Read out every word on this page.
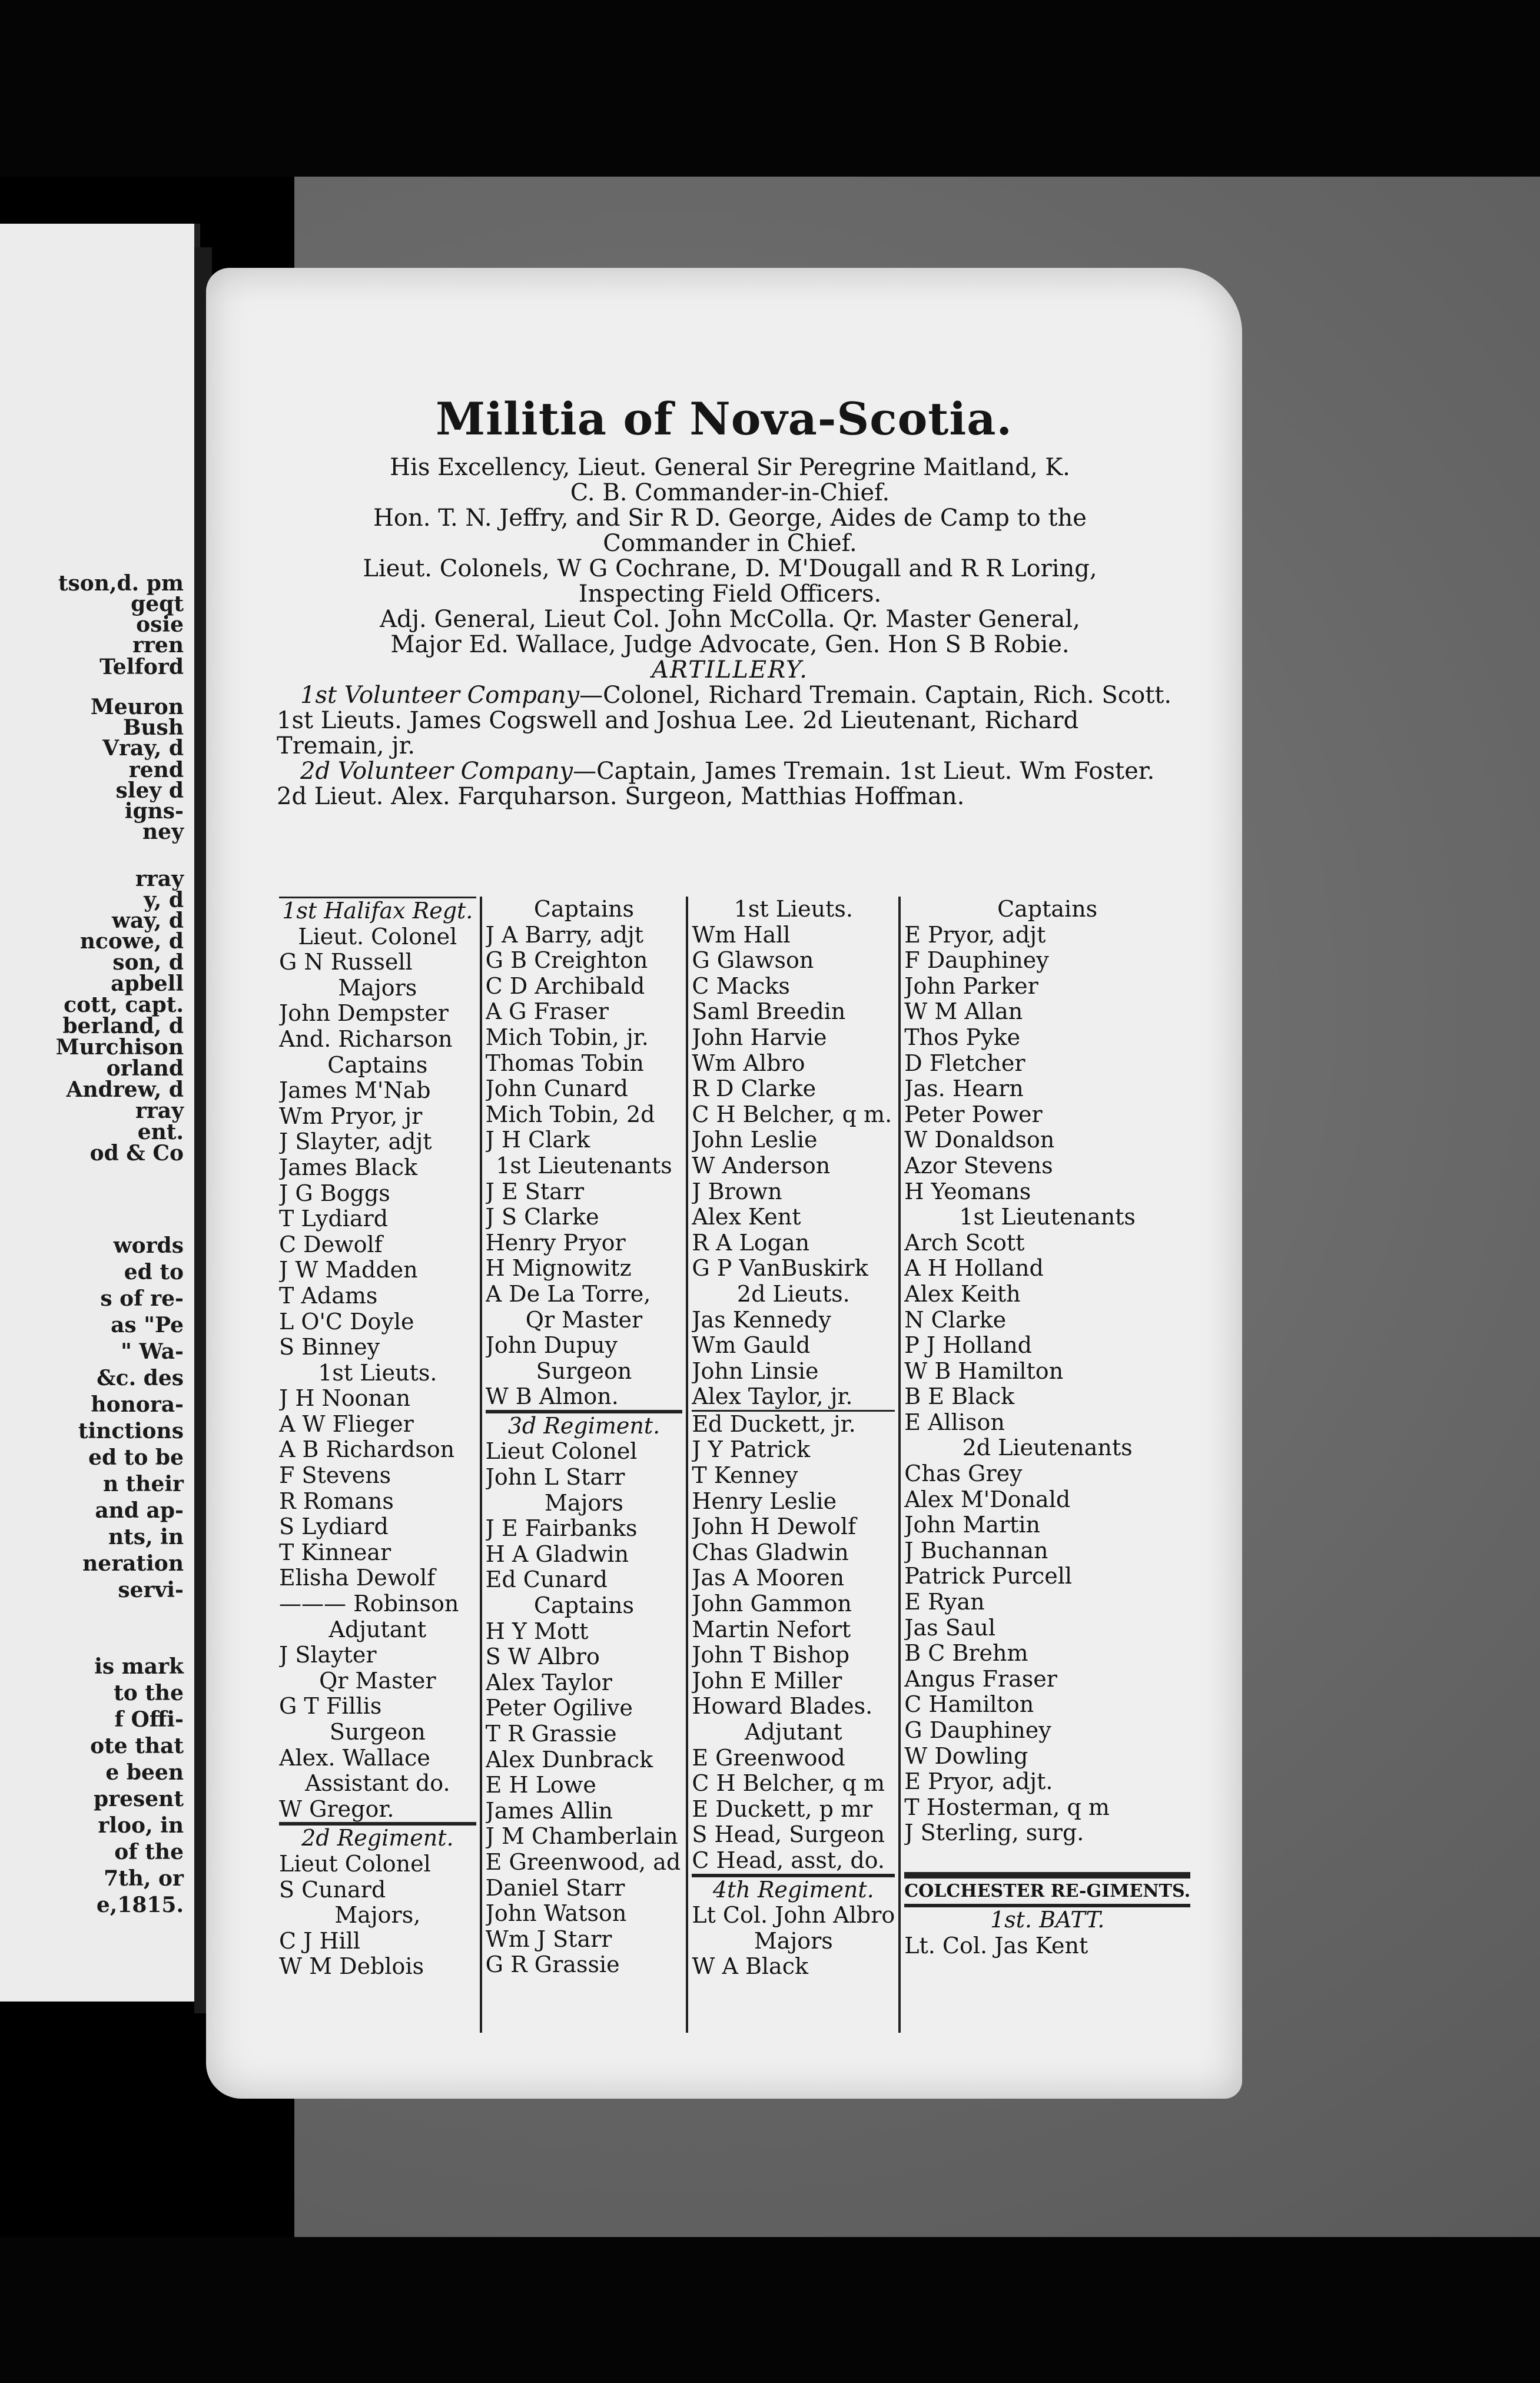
tson,d. pm
geqt
osie
rren
Telford
Meuron
Bush
Vray, d
rend
sley d
igns-
ney
rray
y, d
way, d
ncowe, d
son, d
apbell
cott, capt.
berland, d
Murchison
orland
Andrew, d
rray
ent.
od & Co
words
ed to
s of re-
as "Pe
" Wa-
&c. des
honora-
tinctions
ed to be
n their
and ap-
nts, in
neration
servi-
is mark
to the
f Offi-
ote that
e been
present
rloo, in
of the
7th, or
e,1815.
Militia of Nova-Scotia.

His Excellency, Lieut. General Sir Peregrine Maitland, K.

C. B. Commander-in-Chief.

Hon. T. N. Jeffry, and Sir R D. George, Aides de Camp to the

Commander in Chief.

Lieut. Colonels, W G Cochrane, D. M'Dougall and R R Loring,

Inspecting Field Officers.

Adj. General, Lieut Col. John McColla. Qr. Master General,

Major Ed. Wallace, Judge Advocate, Gen. Hon S B Robie.

ARTILLERY.

1st Volunteer Company—Colonel, Richard Tremain. Captain, Rich. Scott. 1st Lieuts. James Cogswell and Joshua Lee. 2d Lieutenant, Richard Tremain, jr.

2d Volunteer Company—Captain, James Tremain. 1st Lieut. Wm Foster. 2d Lieut. Alex. Farquharson. Surgeon, Matthias Hoffman.

1st Halifax Regt.
Lieut. Colonel
G N Russell
Majors
John Dempster
And. Richarson
Captains
James M'Nab
Wm Pryor, jr
J Slayter, adjt
James Black
J G Boggs
T Lydiard
C Dewolf
J W Madden
T Adams
L O'C Doyle
S Binney
1st Lieuts.
J H Noonan
A W Flieger
A B Richardson
F Stevens
R Romans
S Lydiard
T Kinnear
Elisha Dewolf
——— Robinson
Adjutant
J Slayter
Qr Master
G T Fillis
Surgeon
Alex. Wallace
Assistant do.
W Gregor.
2d Regiment.
Lieut Colonel
S Cunard
Majors,
C J Hill
W M Deblois
Captains
J A Barry, adjt
G B Creighton
C D Archibald
A G Fraser
Mich Tobin, jr.
Thomas Tobin
John Cunard
Mich Tobin, 2d
J H Clark
1st Lieutenants
J E Starr
J S Clarke
Henry Pryor
H Mignowitz
A De La Torre,
Qr Master
John Dupuy
Surgeon
W B Almon.
3d Regiment.
Lieut Colonel
John L Starr
Majors
J E Fairbanks
H A Gladwin
Ed Cunard
Captains
H Y Mott
S W Albro
Alex Taylor
Peter Ogilive
T R Grassie
Alex Dunbrack
E H Lowe
James Allin
J M Chamberlain
E Greenwood, ad
Daniel Starr
John Watson
Wm J Starr
G R Grassie
1st Lieuts.
Wm Hall
G Glawson
C Macks
Saml Breedin
John Harvie
Wm Albro
R D Clarke
C H Belcher, q m.
John Leslie
W Anderson
J Brown
Alex Kent
R A Logan
G P VanBuskirk
2d Lieuts.
Jas Kennedy
Wm Gauld
John Linsie
Alex Taylor, jr.
Ed Duckett, jr.
J Y Patrick
T Kenney
Henry Leslie
John H Dewolf
Chas Gladwin
Jas A Mooren
John Gammon
Martin Nefort
John T Bishop
John E Miller
Howard Blades.
Adjutant
E Greenwood
C H Belcher, q m
E Duckett, p mr
S Head, Surgeon
C Head, asst, do.
4th Regiment.
Lt Col. John Albro
Majors
W A Black
Captains
E Pryor, adjt
F Dauphiney
John Parker
W M Allan
Thos Pyke
D Fletcher
Jas. Hearn
Peter Power
W Donaldson
Azor Stevens
H Yeomans
1st Lieutenants
Arch Scott
A H Holland
Alex Keith
N Clarke
P J Holland
W B Hamilton
B E Black
E Allison
2d Lieutenants
Chas Grey
Alex M'Donald
John Martin
J Buchannan
Patrick Purcell
E Ryan
Jas Saul
B C Brehm
Angus Fraser
C Hamilton
G Dauphiney
W Dowling
E Pryor, adjt.
T Hosterman, q m
J Sterling, surg.

COLCHESTER RE-GIMENTS.
1st. BATT.
Lt. Col. Jas Kent
